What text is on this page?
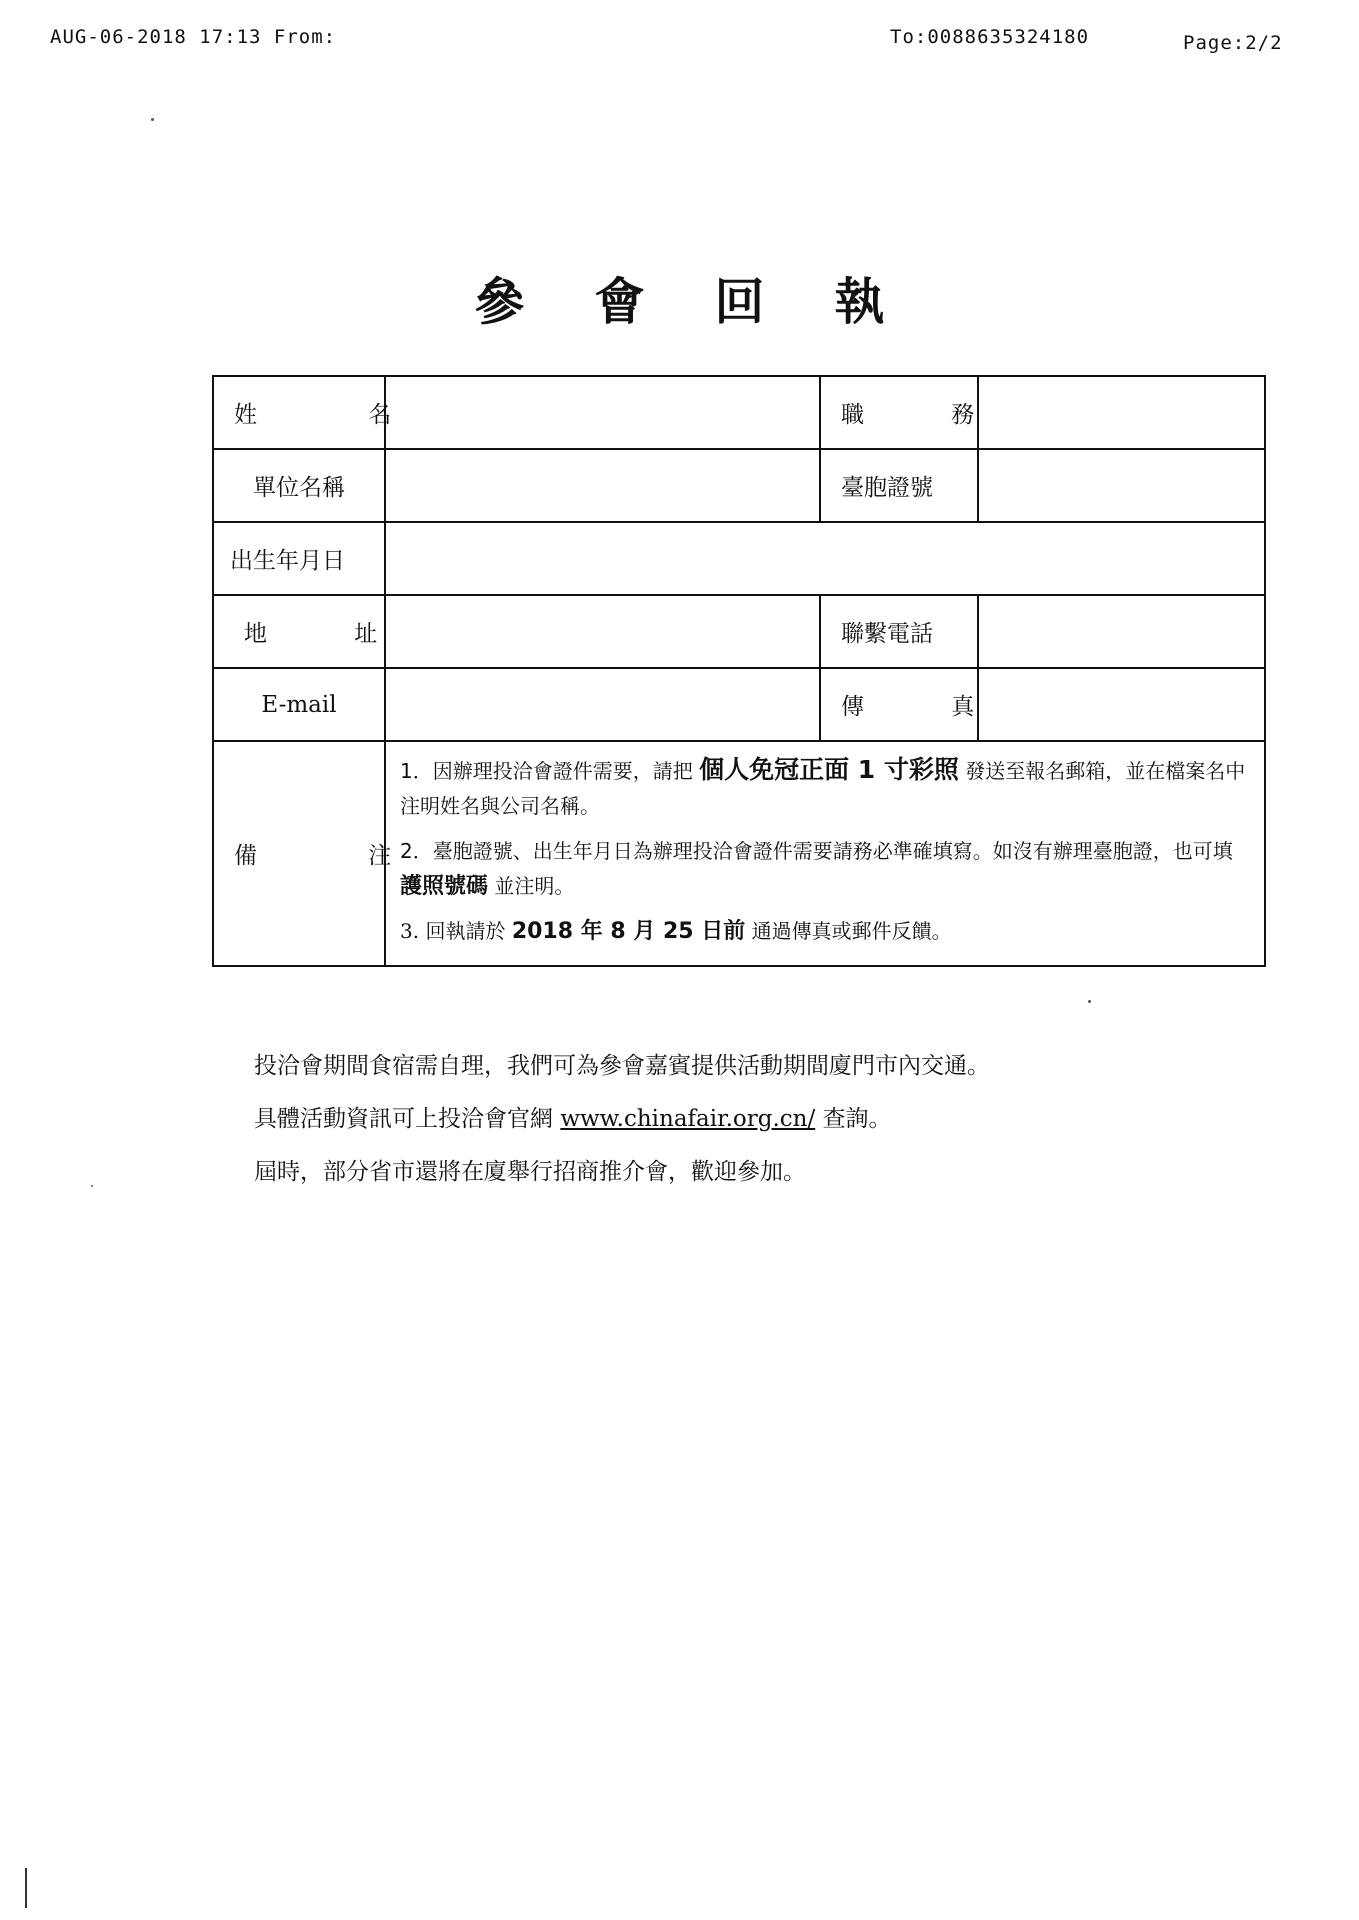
AUG-06-2018 17:13 From:	To:0088635324180	Page:2/2
參會回執
姓 名		職 務	
單位名稱		臺胞證號	
出生年月日			
地 址		聯繫電話	
E-mail		傳 真	
備 注	1．因辦理投洽會證件需要，請把 個人免冠正面 1 寸彩照 發送至報名郵箱，並在檔案名中注明姓名與公司名稱。

2．臺胞證號、出生年月日為辦理投洽會證件需要請務必準確填寫。如沒有辦理臺胞證，也可填 護照號碼 並注明。

3. 回執請於 2018 年 8 月 25 日前 通過傳真或郵件反饋。		

投洽會期間食宿需自理，我們可為參會嘉賓提供活動期間廈門市內交通。

具體活動資訊可上投洽會官網 www.chinafair.org.cn/ 查詢。

屆時，部分省市還將在廈舉行招商推介會，歡迎參加。
